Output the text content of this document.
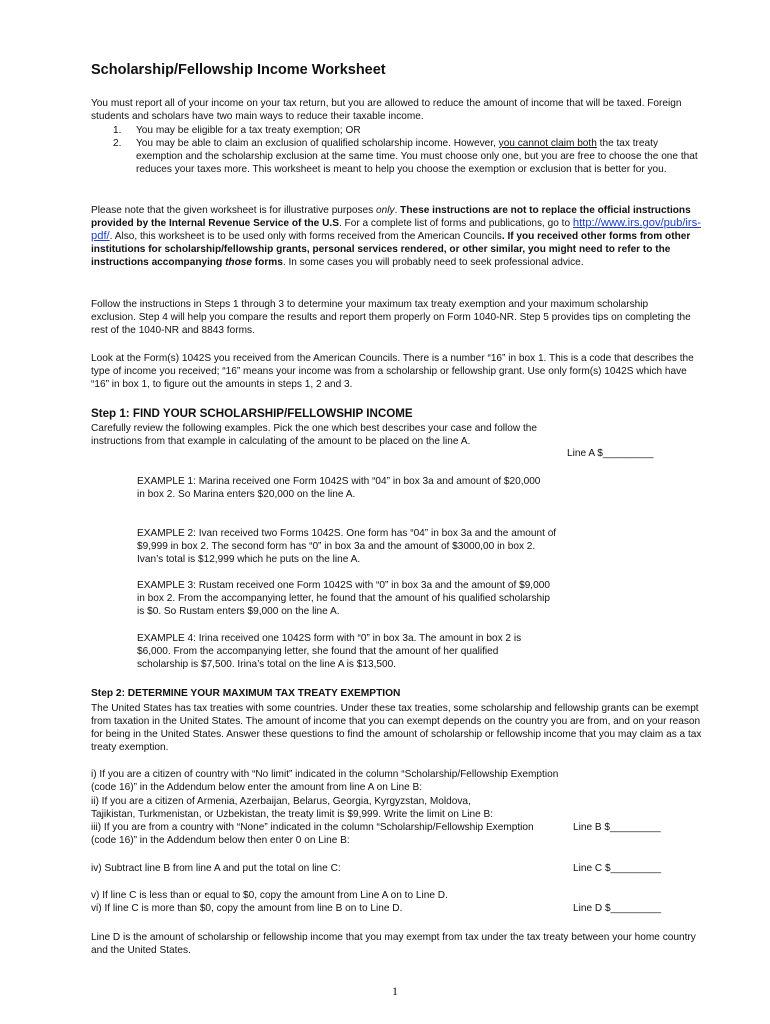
Scholarship/Fellowship Income Worksheet
You must report all of your income on your tax return, but you are allowed to reduce the amount of income that will be taxed. Foreign students and scholars have two main ways to reduce their taxable income.
1. You may be eligible for a tax treaty exemption; OR
2. You may be able to claim an exclusion of qualified scholarship income. However, you cannot claim both the tax treaty exemption and the scholarship exclusion at the same time. You must choose only one, but you are free to choose the one that reduces your taxes more. This worksheet is meant to help you choose the exemption or exclusion that is better for you.
Please note that the given worksheet is for illustrative purposes only. These instructions are not to replace the official instructions provided by the Internal Revenue Service of the U.S. For a complete list of forms and publications, go to http://www.irs.gov/pub/irs-pdf/. Also, this worksheet is to be used only with forms received from the American Councils. If you received other forms from other institutions for scholarship/fellowship grants, personal services rendered, or other similar, you might need to refer to the instructions accompanying those forms. In some cases you will probably need to seek professional advice.
Follow the instructions in Steps 1 through 3 to determine your maximum tax treaty exemption and your maximum scholarship exclusion. Step 4 will help you compare the results and report them properly on Form 1040-NR. Step 5 provides tips on completing the rest of the 1040-NR and 8843 forms.
Look at the Form(s) 1042S you received from the American Councils. There is a number “16” in box 1. This is a code that describes the type of income you received; “16” means your income was from a scholarship or fellowship grant. Use only form(s) 1042S which have “16” in box 1, to figure out the amounts in steps 1, 2 and 3.
Step 1: FIND YOUR SCHOLARSHIP/FELLOWSHIP INCOME
Carefully review the following examples. Pick the one which best describes your case and follow the instructions from that example in calculating of the amount to be placed on the line A.
Line A $_________
EXAMPLE 1: Marina received one Form 1042S with “04” in box 3a and amount of $20,000 in box 2. So Marina enters $20,000 on the line A.
EXAMPLE 2: Ivan received two Forms 1042S. One form has “04” in box 3a and the amount of $9,999 in box 2. The second form has “0” in box 3a and the amount of $3000,00 in box 2. Ivan’s total is $12,999 which he puts on the line A.
EXAMPLE 3: Rustam received one Form 1042S with “0” in box 3a and the amount of $9,000 in box 2. From the accompanying letter, he found that the amount of his qualified scholarship is $0. So Rustam enters $9,000 on the line A.
EXAMPLE 4: Irina received one 1042S form with “0” in box 3a. The amount in box 2 is $6,000. From the accompanying letter, she found that the amount of her qualified scholarship is $7,500. Irina’s total on the line A is $13,500.
Step 2: DETERMINE YOUR MAXIMUM TAX TREATY EXEMPTION
The United States has tax treaties with some countries. Under these tax treaties, some scholarship and fellowship grants can be exempt from taxation in the United States. The amount of income that you can exempt depends on the country you are from, and on your reason for being in the United States. Answer these questions to find the amount of scholarship or fellowship income that you may claim as a tax treaty exemption.
i) If you are a citizen of country with “No limit” indicated in the column “Scholarship/Fellowship Exemption (code 16)” in the Addendum below enter the amount from line A on Line B:
ii) If you are a citizen of Armenia, Azerbaijan, Belarus, Georgia, Kyrgyzstan, Moldova, Tajikistan, Turkmenistan, or Uzbekistan, the treaty limit is $9,999. Write the limit on Line B:
iii) If you are from a country with “None” indicated in the column “Scholarship/Fellowship Exemption (code 16)” in the Addendum below then enter 0 on Line B:
Line B $_________
iv) Subtract line B from line A and put the total on line C:	Line C $_________
v) If line C is less than or equal to $0, copy the amount from Line A on to Line D.
vi) If line C is more than $0, copy the amount from line B on to Line D.	Line D $_________
Line D is the amount of scholarship or fellowship income that you may exempt from tax under the tax treaty between your home country and the United States.
1
